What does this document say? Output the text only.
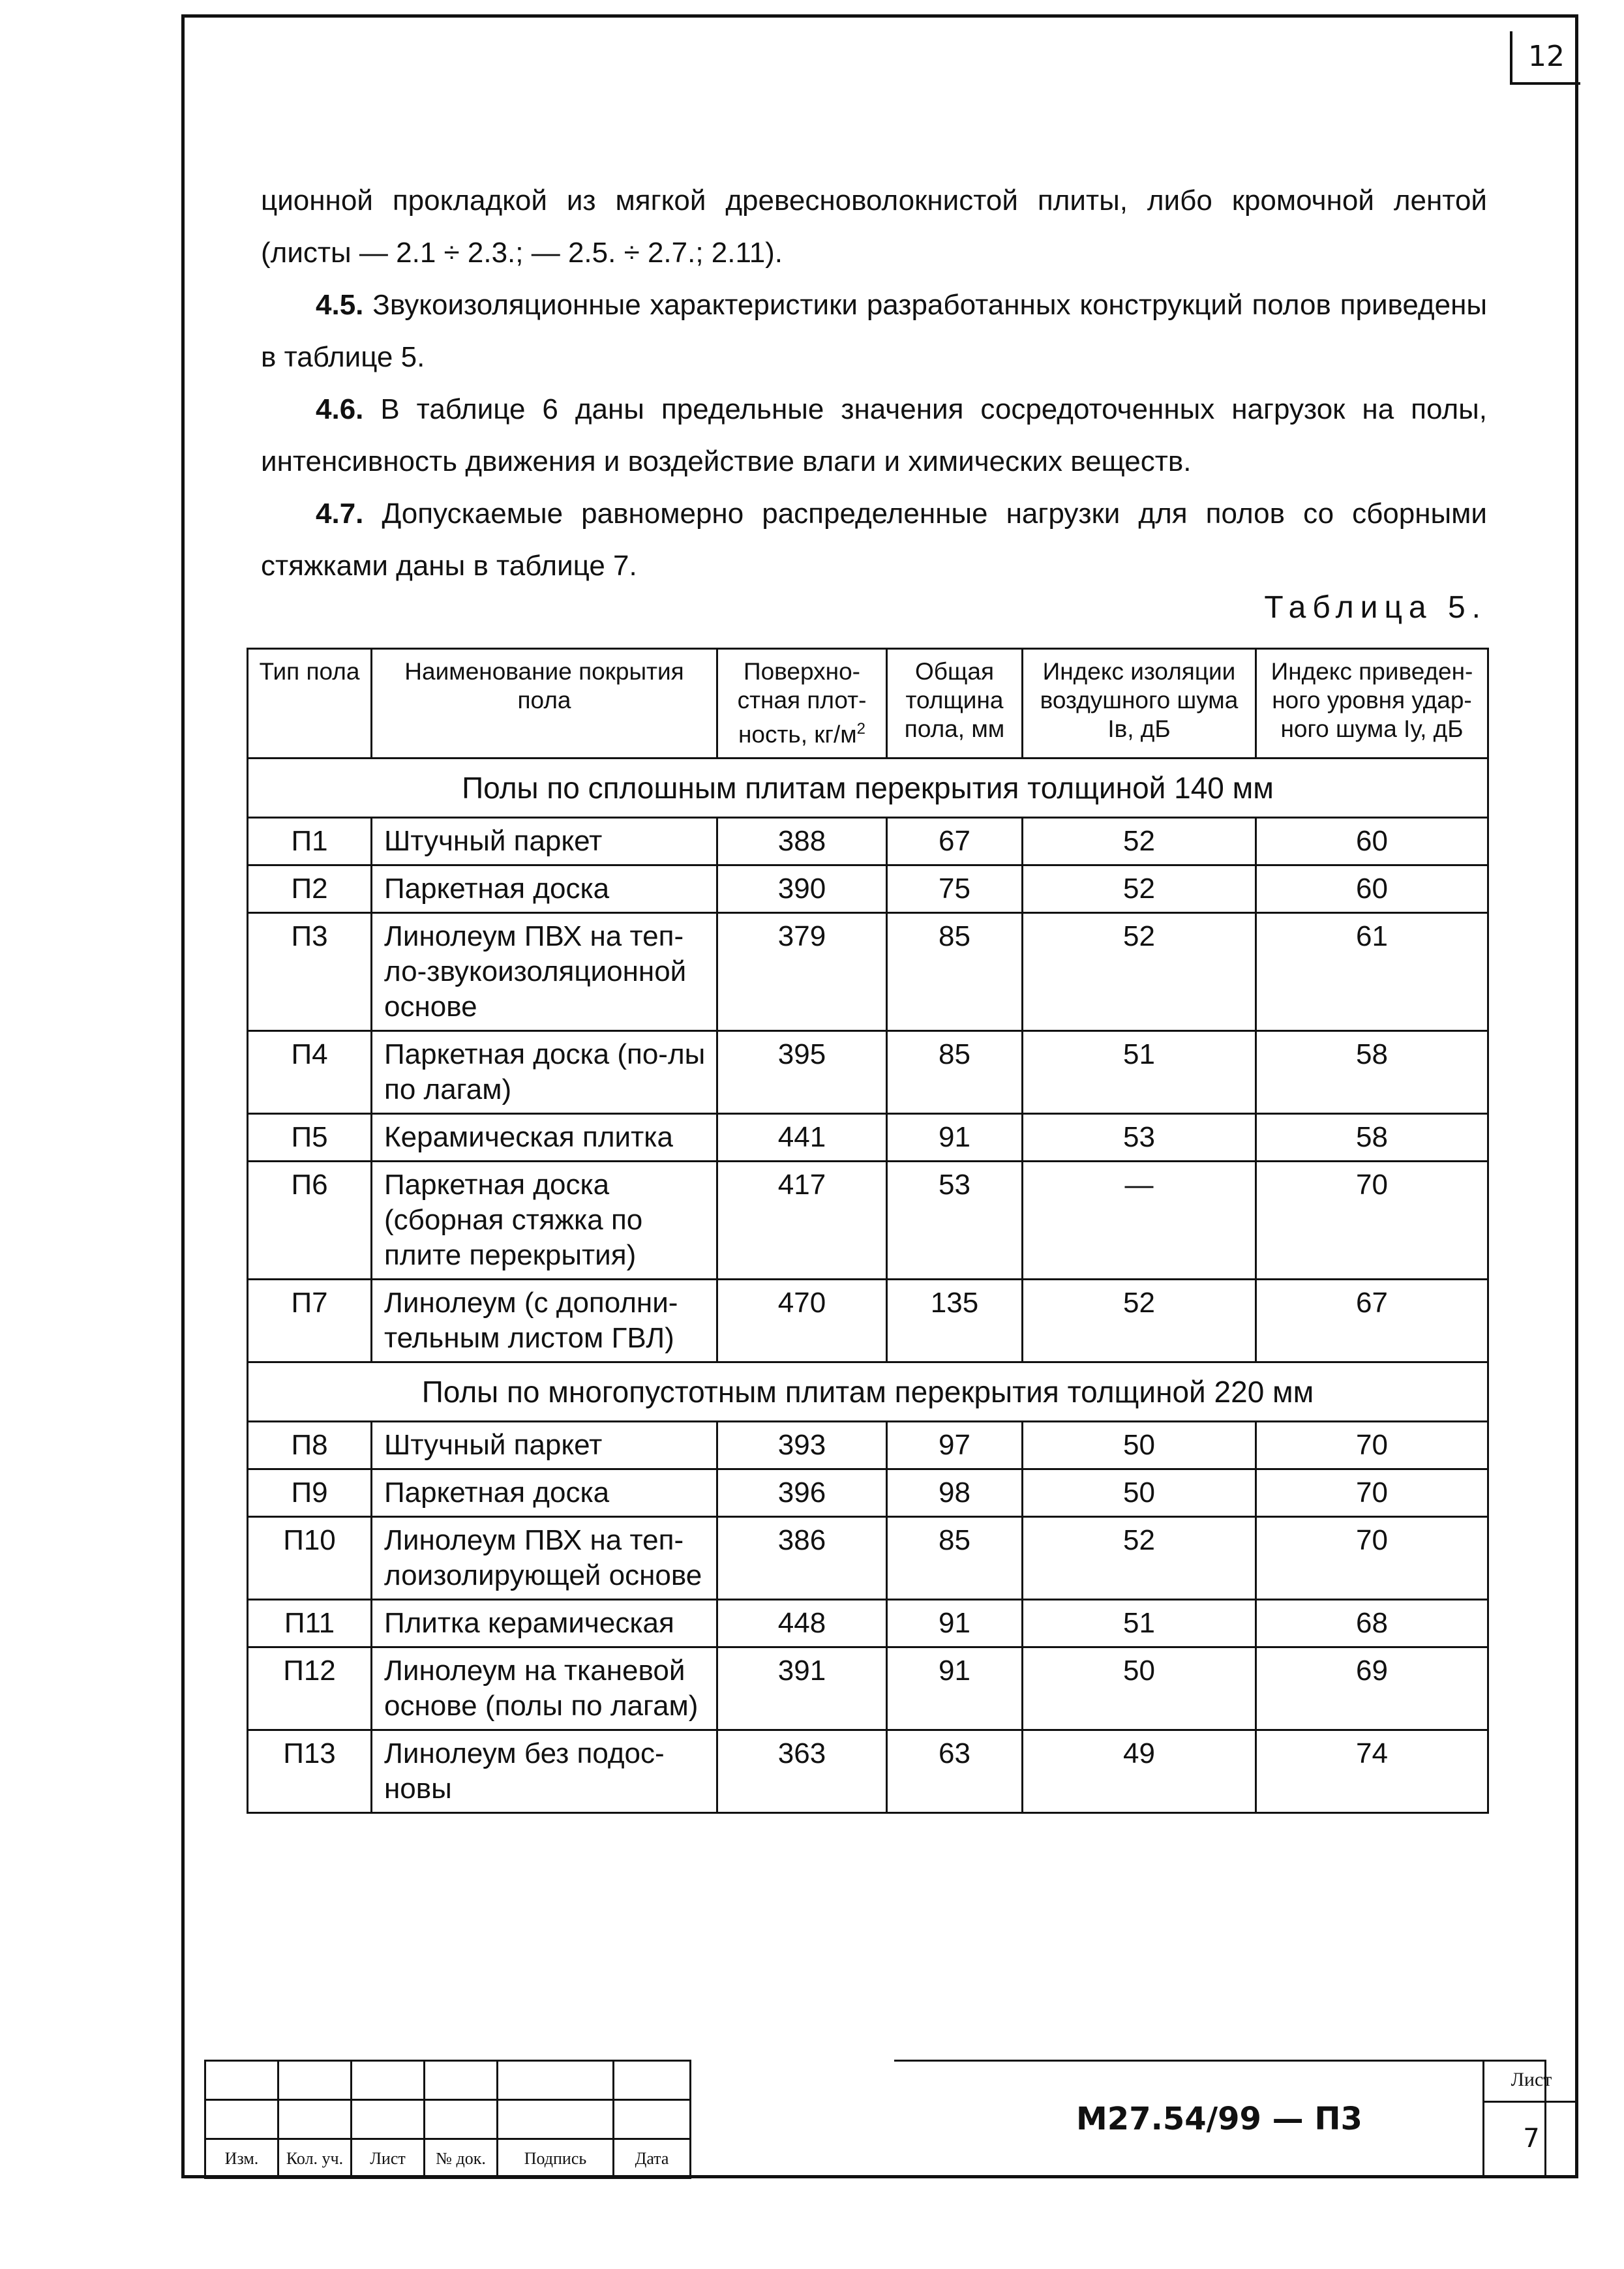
12
ционной прокладкой из мягкой древесноволокнистой плиты, либо кромочной лентой
(листы — 2.1 ÷ 2.3.; — 2.5. ÷ 2.7.; 2.11).
4.5. Звукоизоляционные характеристики разработанных конструкций полов приведены в таблице 5.
4.6. В таблице 6 даны предельные значения сосредоточенных нагрузок на полы, интенсивность движения и воздействие влаги и химических веществ.
4.7. Допускаемые равномерно распределенные нагрузки для полов со сборными стяжками даны в таблице 7.
Таблица 5.
Тип пола	Наименование покрытия пола	Поверхно-стная плот-ность, $кг/м^2$	Общая толщина пола, мм	Индекс изоляции воздушного шума Iв, дБ	Индекс приведен-ного уровня удар-ного шума Iу, дБ
Полы по сплошным плитам перекрытия толщиной 140 мм					
П1	Штучный паркет	388	67	52	60
П2	Паркетная доска	390	75	52	60
П3	Линолеум ПВХ на теп-ло-звукоизоляционной основе	379	85	52	61
П4	Паркетная доска (по-лы по лагам)	395	85	51	58
П5	Керамическая плитка	441	91	53	58
П6	Паркетная доска (сборная стяжка по плите перекрытия)	417	53	—	70
П7	Линолеум (с дополни-тельным листом ГВЛ)	470	135	52	67
Полы по многопустотным плитам перекрытия толщиной 220 мм					
П8	Штучный паркет	393	97	50	70
П9	Паркетная доска	396	98	50	70
П10	Линолеум ПВХ на теп-лоизолирующей основе	386	85	52	70
П11	Плитка керамическая	448	91	51	68
П12	Линолеум на тканевой основе (полы по лагам)	391	91	50	69
П13	Линолеум без подос-новы	363	63	49	74

Изм.	Кол. уч.	Лист	№ док.	Подпись	Дата
М27.54/99 — П3
Лист
7
